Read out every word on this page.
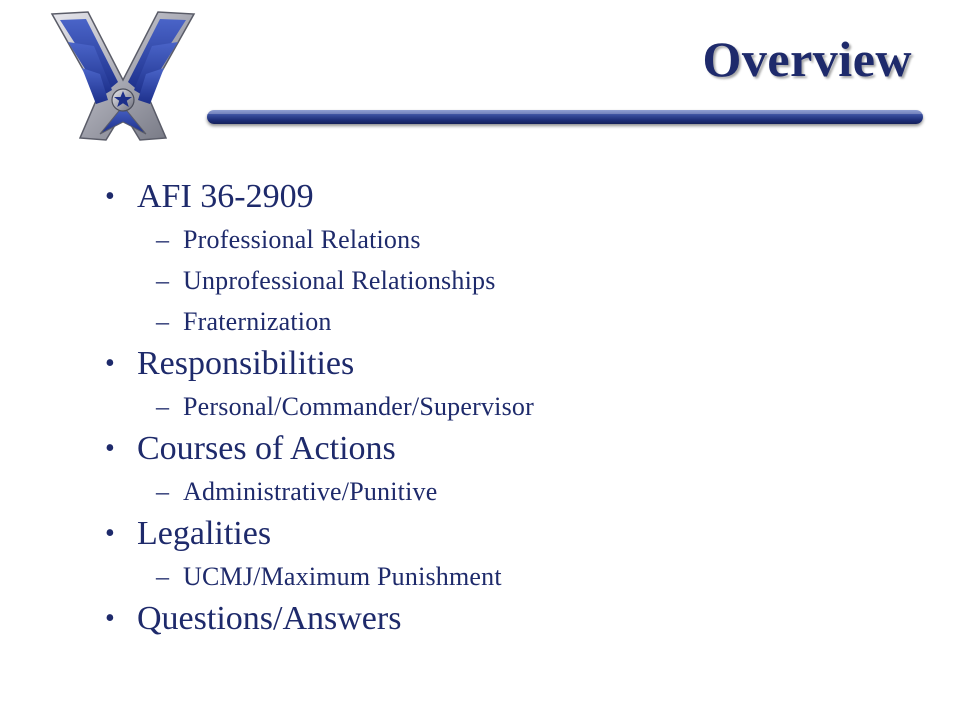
Overview
• AFI 36-2909
– Professional Relations
– Unprofessional Relationships
– Fraternization
• Responsibilities
– Personal/Commander/Supervisor
• Courses of Actions
– Administrative/Punitive
• Legalities
– UCMJ/Maximum Punishment
• Questions/Answers
